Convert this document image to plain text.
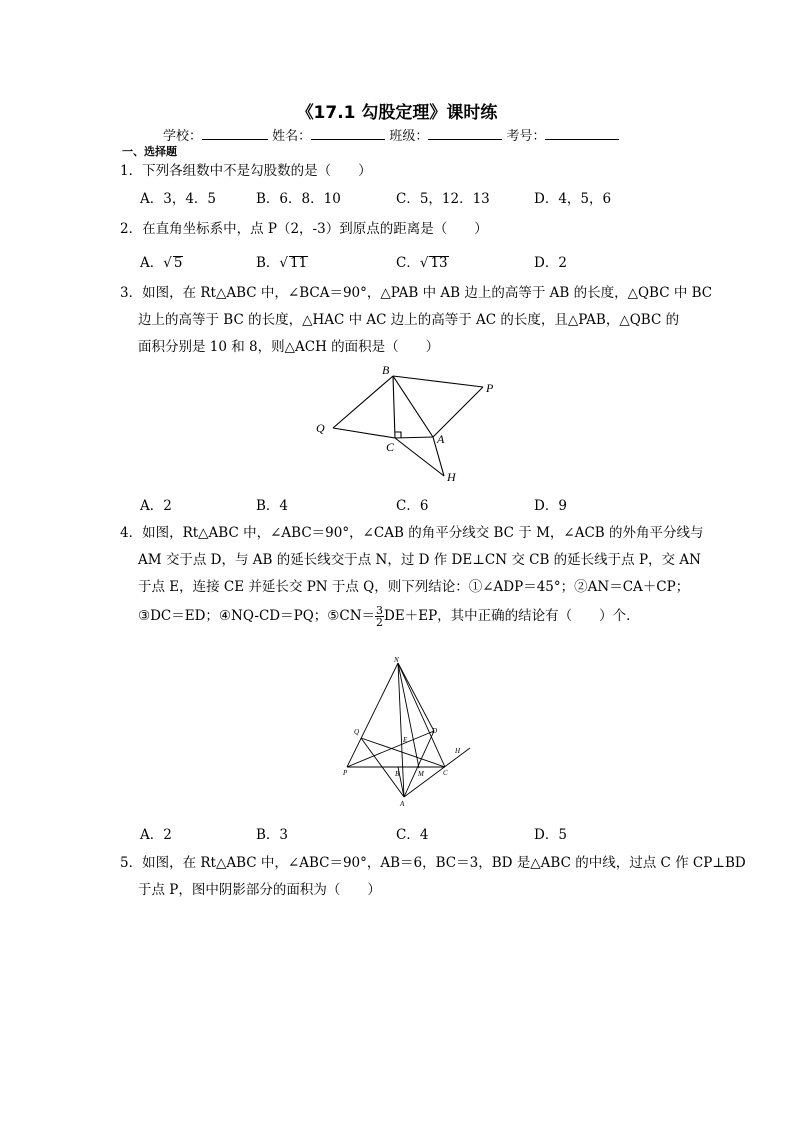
《17.1 勾股定理》课时练
学校：	姓名：	班级：	考号：
一、选择题
1．下列各组数中不是勾股数的是（　　）
A．3，4．5	B．6．8．10	C．5，12．13	D．4，5，6
2．在直角坐标系中，点 P（2，-3）到原点的距离是（　　）
A．√ 5	B．√ 11	C．√ 13	D．2
3．如图，在 Rt△ABC 中，∠BCA＝90°，△PAB 中 AB 边上的高等于 AB 的长度，△QBC 中 BC
边上的高等于 BC 的长度，△HAC 中 AC 边上的高等于 AC 的长度，且△PAB，△QBC 的
面积分别是 10 和 8，则△ACH 的面积是（　　）
B
P
Q
C
A
H
A．2	B．4	C．6	D．9
4．如图，Rt△ABC 中，∠ABC＝90°，∠CAB 的角平分线交 BC 于 M，∠ACB 的外角平分线与
AM 交于点 D，与 AB 的延长线交于点 N，过 D 作 DE⊥CN 交 CB 的延长线于点 P，交 AN
于点 E，连接 CE 并延长交 PN 于点 Q，则下列结论：①∠ADP＝45°；②AN＝CA＋CP；
③DC＝ED；④NQ-CD＝PQ；⑤CN＝ $\frac{3}{2} DE+EP$，其中正确的结论有（　　）个．
N
Q
E
D
H
P	B	M	C
A
A．2	B．3	C．4	D．5
5．如图，在 Rt△ABC 中，∠ABC＝90°，AB＝6，BC＝3，BD 是△ABC 的中线，过点 C 作 CP⊥BD
于点 P，图中阴影部分的面积为（　　）
